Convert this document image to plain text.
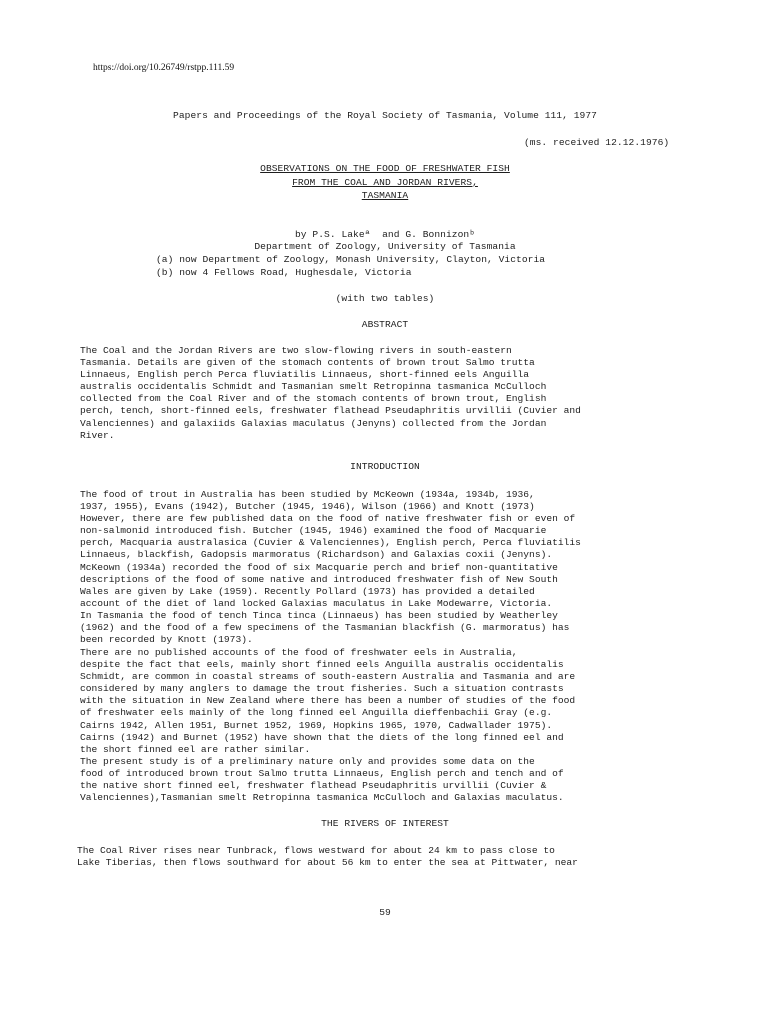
https://doi.org/10.26749/rstpp.111.59
Papers and Proceedings of the Royal Society of Tasmania, Volume 111, 1977
(ms. received 12.12.1976)
OBSERVATIONS ON THE FOOD OF FRESHWATER FISH
FROM THE COAL AND JORDAN RIVERS,
TASMANIA
by P.S. Lakeª  and G. Bonnizonᵇ
Department of Zoology, University of Tasmania
(a) now Department of Zoology, Monash University, Clayton, Victoria
(b) now 4 Fellows Road, Hughesdale, Victoria
(with two tables)
ABSTRACT
The Coal and the Jordan Rivers are two slow-flowing rivers in south-eastern
Tasmania. Details are given of the stomach contents of brown trout Salmo trutta
Linnaeus, English perch Perca fluviatilis Linnaeus, short-finned eels Anguilla
australis occidentalis Schmidt and Tasmanian smelt Retropinna tasmanica McCulloch
collected from the Coal River and of the stomach contents of brown trout, English
perch, tench, short-finned eels, freshwater flathead Pseudaphritis urvillii (Cuvier and
Valenciennes) and galaxiids Galaxias maculatus (Jenyns) collected from the Jordan
River.
INTRODUCTION
The food of trout in Australia has been studied by McKeown (1934a, 1934b, 1936,
1937, 1955), Evans (1942), Butcher (1945, 1946), Wilson (1966) and Knott (1973)
However, there are few published data on the food of native freshwater fish or even of
non-salmonid introduced fish. Butcher (1945, 1946) examined the food of Macquarie
perch, Macquaria australasica (Cuvier & Valenciennes), English perch, Perca fluviatilis
Linnaeus, blackfish, Gadopsis marmoratus (Richardson) and Galaxias coxii (Jenyns).
McKeown (1934a) recorded the food of six Macquarie perch and brief non-quantitative
descriptions of the food of some native and introduced freshwater fish of New South
Wales are given by Lake (1959). Recently Pollard (1973) has provided a detailed
account of the diet of land locked Galaxias maculatus in Lake Modewarre, Victoria.
In Tasmania the food of tench Tinca tinca (Linnaeus) has been studied by Weatherley
(1962) and the food of a few specimens of the Tasmanian blackfish (G. marmoratus) has
been recorded by Knott (1973).
There are no published accounts of the food of freshwater eels in Australia,
despite the fact that eels, mainly short finned eels Anguilla australis occidentalis
Schmidt, are common in coastal streams of south-eastern Australia and Tasmania and are
considered by many anglers to damage the trout fisheries. Such a situation contrasts
with the situation in New Zealand where there has been a number of studies of the food
of freshwater eels mainly of the long finned eel Anguilla dieffenbachii Gray (e.g.
Cairns 1942, Allen 1951, Burnet 1952, 1969, Hopkins 1965, 1970, Cadwallader 1975).
Cairns (1942) and Burnet (1952) have shown that the diets of the long finned eel and
the short finned eel are rather similar.
The present study is of a preliminary nature only and provides some data on the
food of introduced brown trout Salmo trutta Linnaeus, English perch and tench and of
the native short finned eel, freshwater flathead Pseudaphritis urvillii (Cuvier &
Valenciennes),Tasmanian smelt Retropinna tasmanica McCulloch and Galaxias maculatus.
THE RIVERS OF INTEREST
The Coal River rises near Tunbrack, flows westward for about 24 km to pass close to
Lake Tiberias, then flows southward for about 56 km to enter the sea at Pittwater, near
59
